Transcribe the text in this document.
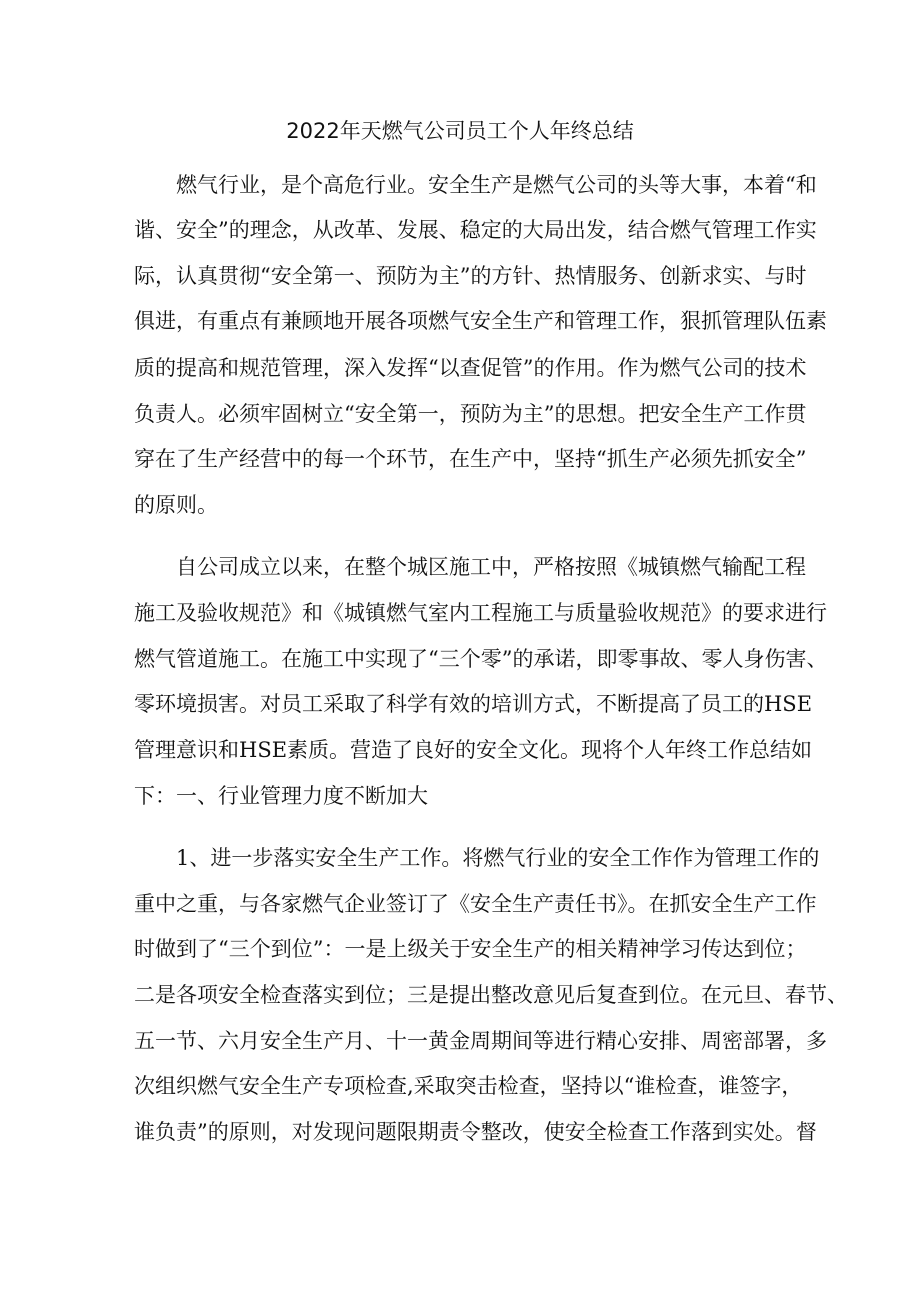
2022年天燃气公司员工个人年终总结

燃气行业，是个高危行业。安全生产是燃气公司的头等大事，本着“和

谐、安全”的理念，从改革、发展、稳定的大局出发，结合燃气管理工作实

际，认真贯彻“安全第一、预防为主”的方针、热情服务、创新求实、与时

俱进，有重点有兼顾地开展各项燃气安全生产和管理工作，狠抓管理队伍素

质的提高和规范管理，深入发挥“以查促管”的作用。作为燃气公司的技术

负责人。必须牢固树立“安全第一，预防为主”的思想。把安全生产工作贯

穿在了生产经营中的每一个环节，在生产中，坚持“抓生产必须先抓安全”

的原则。

自公司成立以来，在整个城区施工中，严格按照《城镇燃气输配工程

施工及验收规范》和《城镇燃气室内工程施工与质量验收规范》的要求进行

燃气管道施工。在施工中实现了“三个零”的承诺，即零事故、零人身伤害、

零环境损害。对员工采取了科学有效的培训方式，不断提高了员工的HSE

管理意识和HSE素质。营造了良好的安全文化。现将个人年终工作总结如

下：一、行业管理力度不断加大

1、进一步落实安全生产工作。将燃气行业的安全工作作为管理工作的

重中之重，与各家燃气企业签订了《安全生产责任书》。在抓安全生产工作

时做到了“三个到位”：一是上级关于安全生产的相关精神学习传达到位；

二是各项安全检查落实到位；三是提出整改意见后复查到位。在元旦、春节、

五一节、六月安全生产月、十一黄金周期间等进行精心安排、周密部署，多

次组织燃气安全生产专项检查,采取突击检查，坚持以“谁检查，谁签字，

谁负责”的原则，对发现问题限期责令整改，使安全检查工作落到实处。督
